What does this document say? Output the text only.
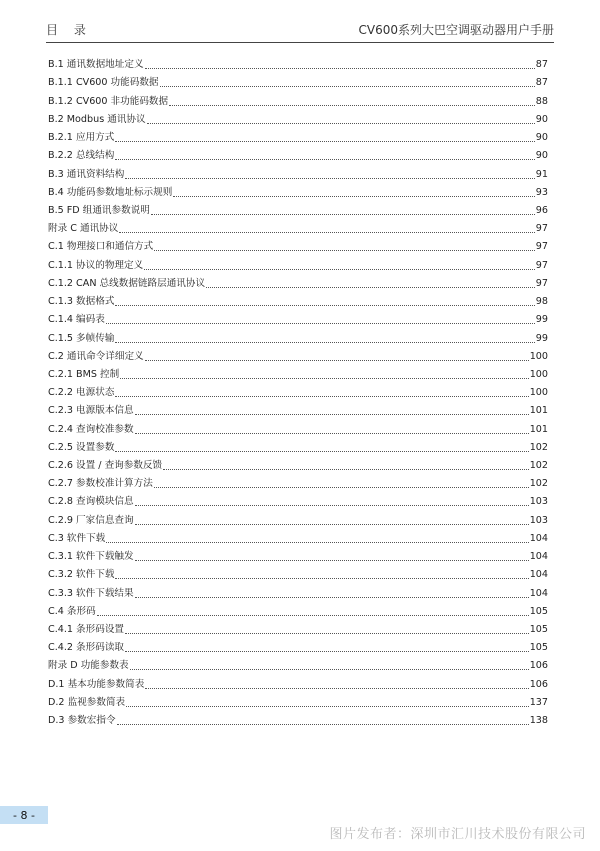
目 录	CV600系列大巴空调驱动器用户手册
B.1 通讯数据地址定义	87
B.1.1 CV600 功能码数据	87
B.1.2 CV600 非功能码数据	88
B.2 Modbus 通讯协议	90
B.2.1 应用方式	90
B.2.2 总线结构	90
B.3 通讯资料结构	91
B.4 功能码参数地址标示规则	93
B.5 FD 组通讯参数说明	96
附录 C 通讯协议	97
C.1 物理接口和通信方式	97
C.1.1 协议的物理定义	97
C.1.2 CAN 总线数据链路层通讯协议	97
C.1.3 数据格式	98
C.1.4 编码表	99
C.1.5 多帧传输	99
C.2 通讯命令详细定义	100
C.2.1 BMS 控制	100
C.2.2 电源状态	100
C.2.3 电源版本信息	101
C.2.4 查询校准参数	101
C.2.5 设置参数	102
C.2.6 设置 / 查询参数反馈	102
C.2.7 参数校准计算方法	102
C.2.8 查询模块信息	103
C.2.9 厂家信息查询	103
C.3 软件下载	104
C.3.1 软件下载触发	104
C.3.2 软件下载	104
C.3.3 软件下载结果	104
C.4 条形码	105
C.4.1 条形码设置	105
C.4.2 条形码读取	105
附录 D 功能参数表	106
D.1 基本功能参数简表	106
D.2 监视参数简表	137
D.3 参数宏指令	138
- 8 -
图片发布者：深圳市汇川技术股份有限公司
